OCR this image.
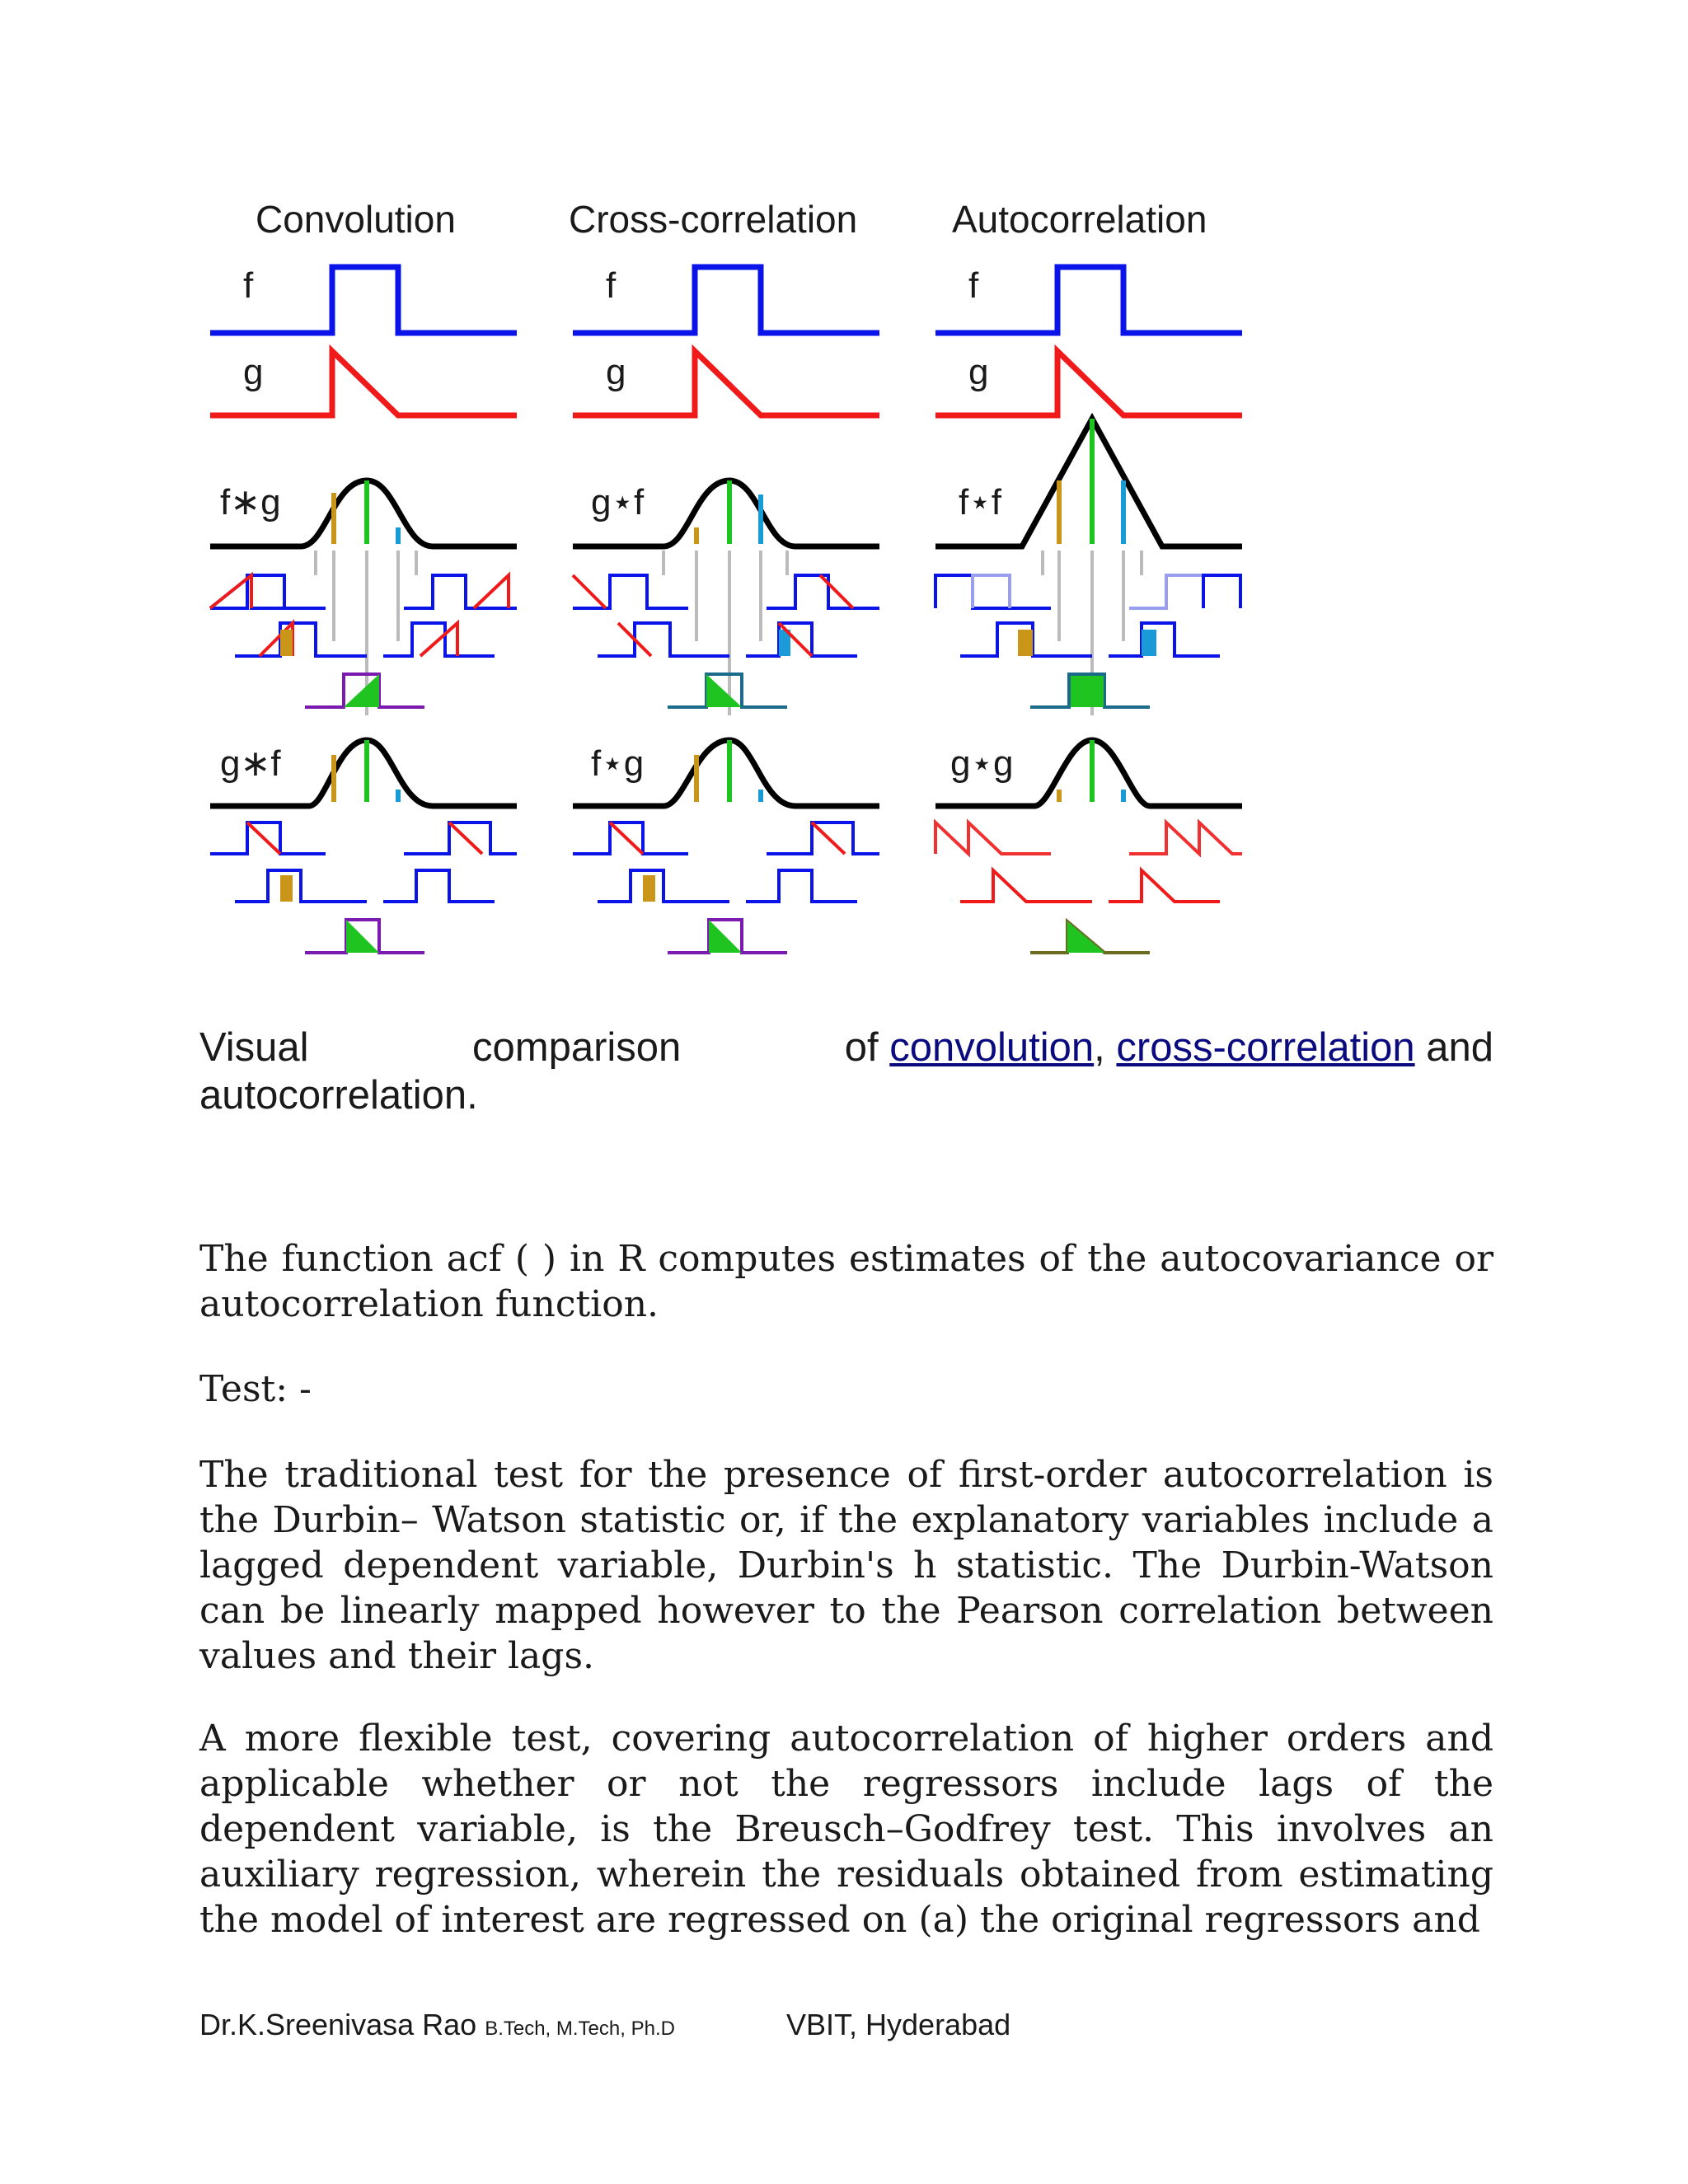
Convolution	Cross-correlation Autocorrelation
f
g
f∗g
g∗f
f
g
g⋆f
f⋆g
f
g
f⋆f
g⋆g
Visual	comparison	of convolution, cross-correlation and
autocorrelation.

The function acf ( ) in R computes estimates of the autocovariance or autocorrelation function.

Test: -

The traditional test for the presence of first-order autocorrelation is the Durbin– Watson statistic or, if the explanatory variables include a lagged dependent variable, Durbin's h statistic. The Durbin-Watson can be linearly mapped however to the Pearson correlation between values and their lags.

A more flexible test, covering autocorrelation of higher orders and applicable whether or not the regressors include lags of the dependent variable, is the Breusch–Godfrey test. This involves an auxiliary regression, wherein the residuals obtained from estimating the model of interest are regressed on (a) the original regressors and

Dr.K.Sreenivasa Rao B.Tech, M.Tech, Ph.D	VBIT, Hyderabad
